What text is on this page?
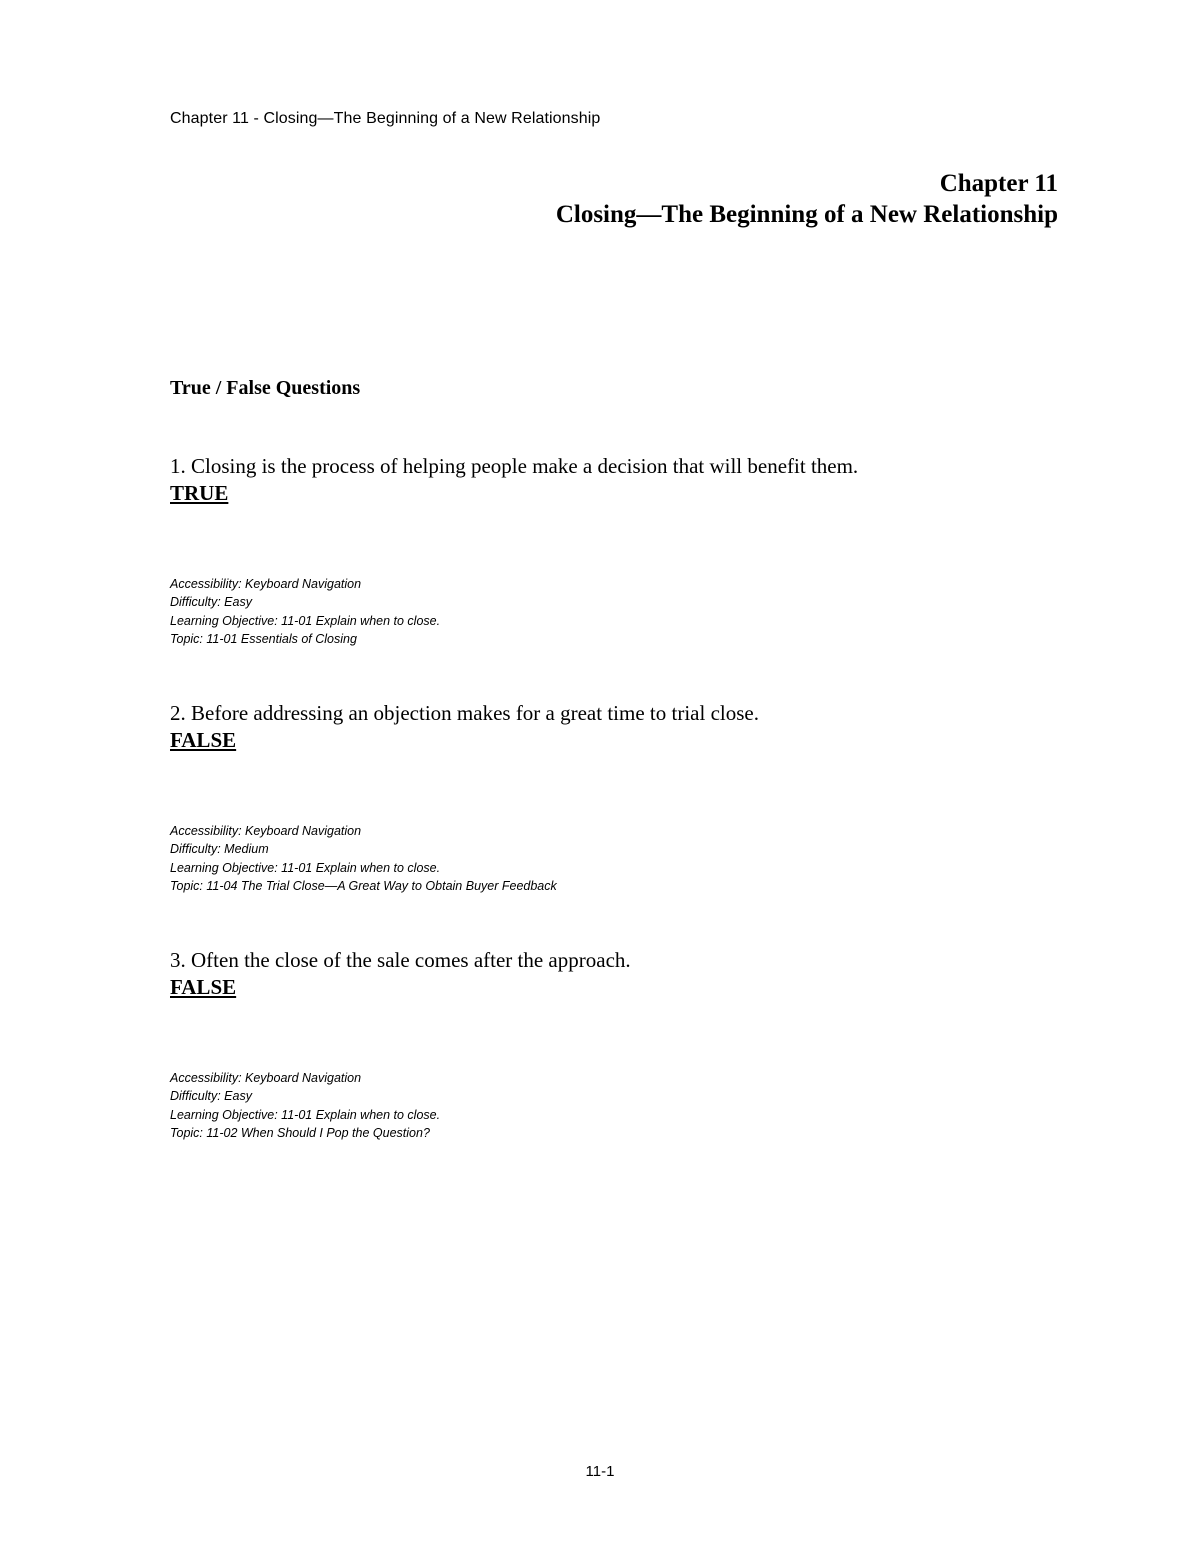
Chapter 11 - Closing—The Beginning of a New Relationship
Chapter 11
Closing—The Beginning of a New Relationship
True / False Questions
1. Closing is the process of helping people make a decision that will benefit them.
TRUE
Accessibility: Keyboard Navigation
Difficulty: Easy
Learning Objective: 11-01 Explain when to close.
Topic: 11-01 Essentials of Closing
2. Before addressing an objection makes for a great time to trial close.
FALSE
Accessibility: Keyboard Navigation
Difficulty: Medium
Learning Objective: 11-01 Explain when to close.
Topic: 11-04 The Trial Close—A Great Way to Obtain Buyer Feedback
3. Often the close of the sale comes after the approach.
FALSE
Accessibility: Keyboard Navigation
Difficulty: Easy
Learning Objective: 11-01 Explain when to close.
Topic: 11-02 When Should I Pop the Question?
11-1
